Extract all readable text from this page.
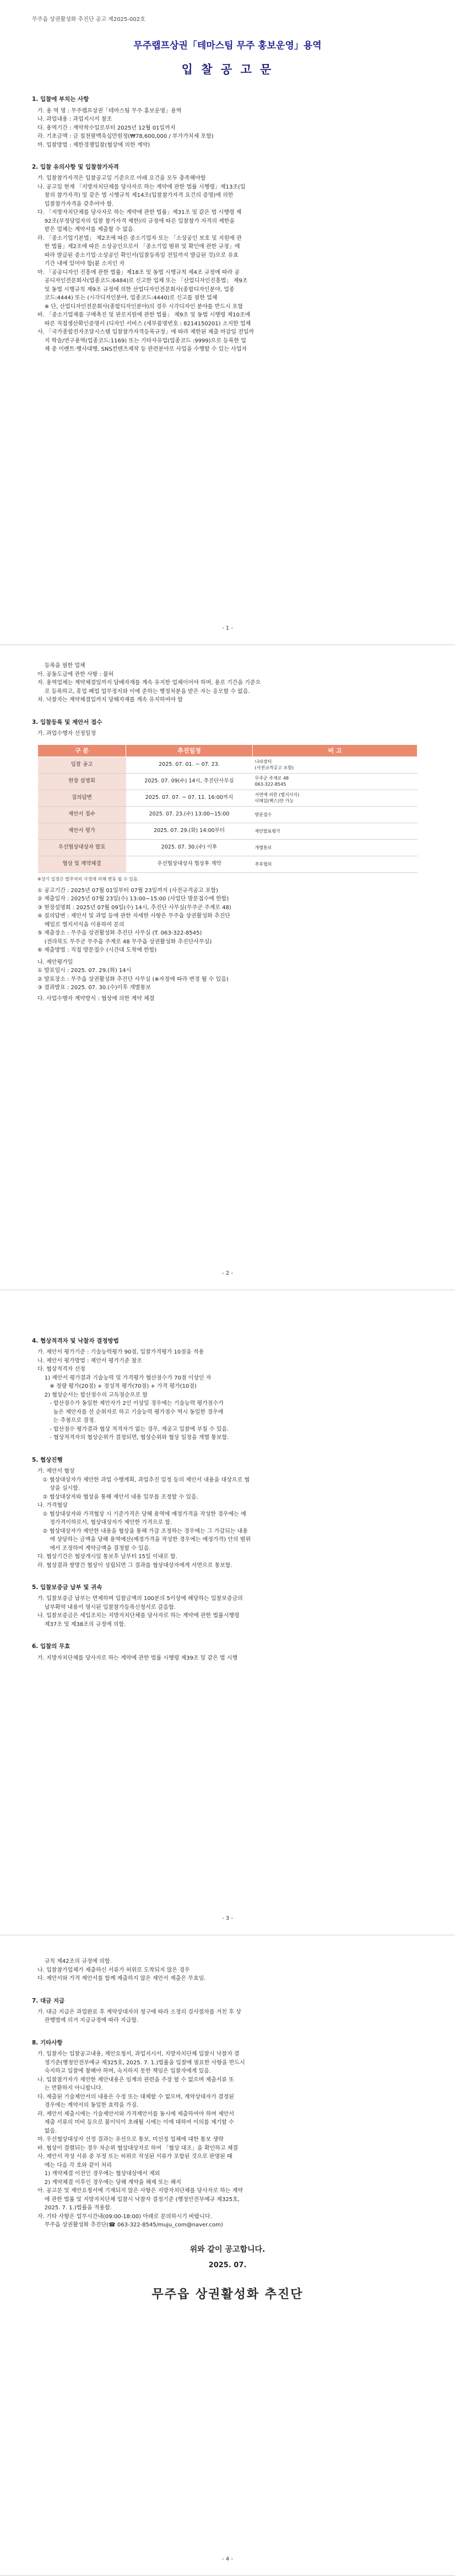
무주읍 상권활성화 추진단 공고 제2025-002호
무주랩프상권「테마스팀 무주 홍보운영」용역
입 찰 공 고 문
1. 입찰에 부치는 사항
가. 용 역 명 : 무주랩프상권「테마스팀 무주 홍보운영」용역
나. 과업내용 : 과업지시서 참조
다. 용역기간 : 계약착수일로부터 2025년 12월 01일까지
라. 기초금액 : 금 칠천팔백육십만원정(₩78,600,000 / 부가가치세 포함)
마. 입찰방법 : 제한경쟁입찰(협상에 의한 계약)
2. 입찰 유의사항 및 입찰참가자격
가. 입찰참가자격은 입찰공고일 기준으로 아래 요건을 모두 충족해야함
나. 공고일 현재 「지방자치단체를 당사자로 하는 계약에 관한 법률 시행령」제13조(입
찰의 참가자격) 및 같은 법 시행규칙 제14조(입찰참가자격 요건의 증명)에 의한
입찰참가자격을 갖추어야 함.
다. 「지방자치단체를 당사자로 하는 계약에 관한 법률」제31조 및 같은 법 시행령 제
92조(부정당업자의 입찰 참가자격 제한)의 규정에 따른 입찰참가 자격의 제한을
받은 업체는 계약서를 제출할 수 없음.
라. 「중소기업기본법」 제2조에 따른 중소기업자 또는 「소상공인 보호 및 지원에 관
한 법률」제2조에 따른 소상공인으로서 「중소기업 범위 및 확인에 관한 규정」에
따라 발급된 중소기업·소상공인 확인서(입찰등록일 전일까지 발급된 것)으로 유효
기간 내에 있어야 함(붙 소지인 자
마. 「공공디자인 진흥에 관한 법률」제18조 및 동법 시행규칙 제4조 규정에 따라 공
공디자인전문회사(업종코드:6484)로 신고한 업체 또는 「산업디자인진흥법」 제9조
및 동법 시행규칙 제9조 규정에 의한 산업디자인전문회사(종합디자인분야, 업종
코드:4444) 또는 (시각디자인분야, 업종코드:4440)로 신고를 필한 업체
※ 단, 산업디자인전문회사(종합디자인분야)의 경우 시각디자인 분야를 반드시 포함
바. 「중소기업제품 구매촉진 및 판로지원에 관한 법률」 제9조 및 동법 시행령 제10조에
따른 직접생산확인증명서 (디자인 서비스 (세부품명번호 : 8214150201) 소지한 업체
사. 「국가종합전자조달시스템 입찰참가자격등록규정」에 따라 제한된 제출 마감일 전일까
지 학술/연구용역(업종코드:1169) 또는 기타자유업(업종코드 :9999)으로 등록한 업
체 중 이벤트·행사대행, SNS컨텐츠제작 등 관련분야로 사업을 수행할 수 있는 사업자
- 1 -
등록을 필한 업체
아. 공동도급에 관한 사항 : 불허
자. 용역업체는 계약체결일까지 담배자재를 계속 유지한 업체이어야 하며, 용로 기간을 기준으
로 등록하고, 휴업 폐업 업무정지와 이에 준하는 행정처분을 받은 자는 응모할 수 없음.
차. 낙찰자는 계약체결일까지 당해자재를 계속 유지하여야 함
3. 입찰등록 및 제안서 접수
가. 과업수행자 선정일정
구 분	추진일정	비 고
입찰 공고	2025. 07. 01. ~ 07. 23.	나라장터
(사전규격공고 포함)
현장 설명회	2025. 07. 09(수) 14시, 추진단사무실	무주군 주계로 48
063-322-8545
질의답변	2025. 07. 07. ~ 07. 11. 16:00까지	서면에 의한 (별지서식)
이메일(팩스)만 가능
제안서 접수	2025. 07. 23.(수) 13:00~15:00	방문접수
제안서 평가	2025. 07. 29.(화) 14:00부터	제안발표평가
우선협상대상자 발표	2025. 07. 30.(수) 이후	개별통보
협상 및 계약체결	우선협상대상자 협상후 계약	추후협의
※상기 일정은 발주처의 사정에 의해 변동 될 수 있음.
① 공고기간 : 2025년 07월 01일부터 07월 23일까지 (사전규격공고 포함)
② 제출일자 : 2025년 07월 23일(수) 13:00~15:00 (사업단 방문접수에 한함)
③ 현장설명회 : 2025년 07월 09일(수) 14시, 추진단 사무실(무주군 주계로 48)
④ 질의답변 : 제안서 및 과업 등에 관한 자세한 사항은 무주읍 상권활성화 추진단
메일로 별지서식을 이용하여 문의
⑤ 제출장소 : 무주읍 상권활성화 추진단 사무실 (T. 063-322-8545)
(전라북도 무주군 무주읍 주계로 48 무주읍 상권활성화 추진단사무실)
⑥ 제출방법 : 직접 방문접수 (시간대 도착에 한함)
나. 제안평가일
① 발표일시 : 2025. 07. 29.(화) 14시
② 발표장소 : 무주읍 상권활성화 추진단 사무실 (※자정에 따라 변경 될 수 있음)
③ 결과발표 : 2025. 07. 30.(수)이후 개별통보
다. 사업수행자 계약방식 : 협상에 의한 계약 체결
- 2 -
4. 협상적격자 및 낙찰자 결정방법
가. 제안서 평가기준 : 기술능력평가 90점, 입찰가격평가 10점을 적용
나. 제안서 평가방법 : 제안서 평가기준 참조
다. 협상적격자 선정
1) 제안서 평가결과 기술능력 및 가격평가 협산점수가 70점 이상인 자
※ 정량 평가(20점) + 정성적 평가(70점) + 가격 평가(10점)
2) 협상순서는 합산점수의 고득점순으로 함
- 합산점수가 동일한 제안자가 2인 이상일 경우에는 기술능력 평가점수가
높은 제안자를 선 순위자로 하고 기술능력 평가점수 역시 동일한 경우에
는 추첨으로 결정.
- 합산점수 평가결과 협상 적격자가 없는 경우, 재공고 입찰에 부칠 수 있음.
- 협상적격자의 협상순위가 결정되면, 협상순위와 협상 일정을 개별 통보함.
5. 협상진행
가. 제안서 협상
① 협상대상자가 제안한 과업 수행계획, 과업추진 일정 등의 제안서 내용을 대상으로 협
상을 실시함.
② 협상대상자와 협상을 통해 제안서 내용 일부를 조정할 수 있음.
나. 가격협상
① 협상대상자와 가격협상 시 기준가격은 당해 용역에 예정가격을 작성한 경우에는 예
정가격이하로서, 협상대상자가 제안한 가격으로 함.
② 협상대상자가 제안한 내용을 협상을 통해 가감 조정하는 경우에는 그 가감되는 내용
에 상당하는 금액을 당해 용역예산(예정가격을 작성한 경우에는 예정가격) 안의 범위
에서 조정하여 계약금액을 결정할 수 있음.
다. 협상기간은 협상개시일 통보후 날부터 15일 이내로 함.
라. 협상결과 쌍방간 협상이 성립되면 그 결과를 협상대상자에게 서면으로 통보함.
5. 입찰보증금 납부 및 귀속
가. 입찰보증금 납부는 면제하며 입찰금액의 100분의 5이상에 해당하는 입찰보증금의
납부확약 내용이 명시된 입찰참가등록신청서로 갈음함.
나. 입찰보증금은 세입조치는 지방자치단체를 당사자로 하는 계약에 관한 법률시행령
제37조 및 제38조의 규정에 의함.
6. 입찰의 무효
가. 지방자치단체를 당사자로 하는 계약에 관한 법률 시행령 제39조 및 같은 법 시행
- 3 -
규칙 제42조의 규정에 의함.
나. 입찰참가업체가 제출하신 서류가 허위로 도착되지 않은 경우
다. 제안서와 가격 제안서를 함께 제출하지 않은 제안서 제출은 무효임.
7. 대금 지급
가. 대금 지급은 과업완료 후 계약상대자의 청구에 따라 소정의 검사절차를 거친 후 상
관행법에 의거 지급규정에 따라 지급함.
8. 기타사항
가. 입찰자는 입찰공고내용, 제안요청서, 과업지시서, 지방자치단체 입찰시 낙찰자 결
정기준(행정안전부예규 제325호, 2025. 7. 1.)법률을 입찰에 필요한 사항을 반드시
숙지하고 입찰에 참해야 하며, 숙지하지 못한 책임은 입찰자에게 있음.
나. 입찰참가자가 제안한 제안내용은 임계의 관련을 주장 할 수 없으며 제출서류 또
는 반환하지 아니합니다.
다. 제출된 기술제안서의 내용은 수정 또는 대체할 수 없으며, 계약상대자가 결정된
경우에는 계약서의 동일한 효력을 가짐.
라. 제안서 제출시에는 기술제안서와 가격제안서를 동시에 제출하여야 하며 제안서
제출 서류의 미비 등으로 불이익이 초래될 시에는 이에 대하여 이의를 제기할 수
없음.
마. 우선협상대상자 선정 결과는 유선으로 통보, 미선정 업체에 대한 통보 생략
바. 협상이 결렬되는 경우 차순위 협상대상자로 하여 「협상 대조」을 확인하고 체결
사. 제안서 작성 서류 중 부정 또는 허위로 작성된 서류가 포함된 것으로 판명된 때
에는 다음 각 호와 같이 처리
1) 계약체결 이전인 경우에는 협상대상에서 제외
2) 계약체결 이후인 경우에는 당해 계약을 해제 또는 해지
아. 공고문 및 제안요청서에 기재되지 않은 사항은 지방자치단체를 당사자로 하는 계약
에 관한 법률 및 지방자치단체 입찰시 낙찰자 결정기준 (행정안전부예규 제325호,
2025. 7. 1.)법률을 적용함.
자. 기타 사항은 업무시간내(09:00-18:00) 아래로 문의하시기 바랍니다.
무주읍 상권활성화 추진단(☎ 063-322-8545/muju_com@naver.com)
위와 같이 공고합니다.
2025. 07.
무주읍 상권활성화 추진단
- 4 -
